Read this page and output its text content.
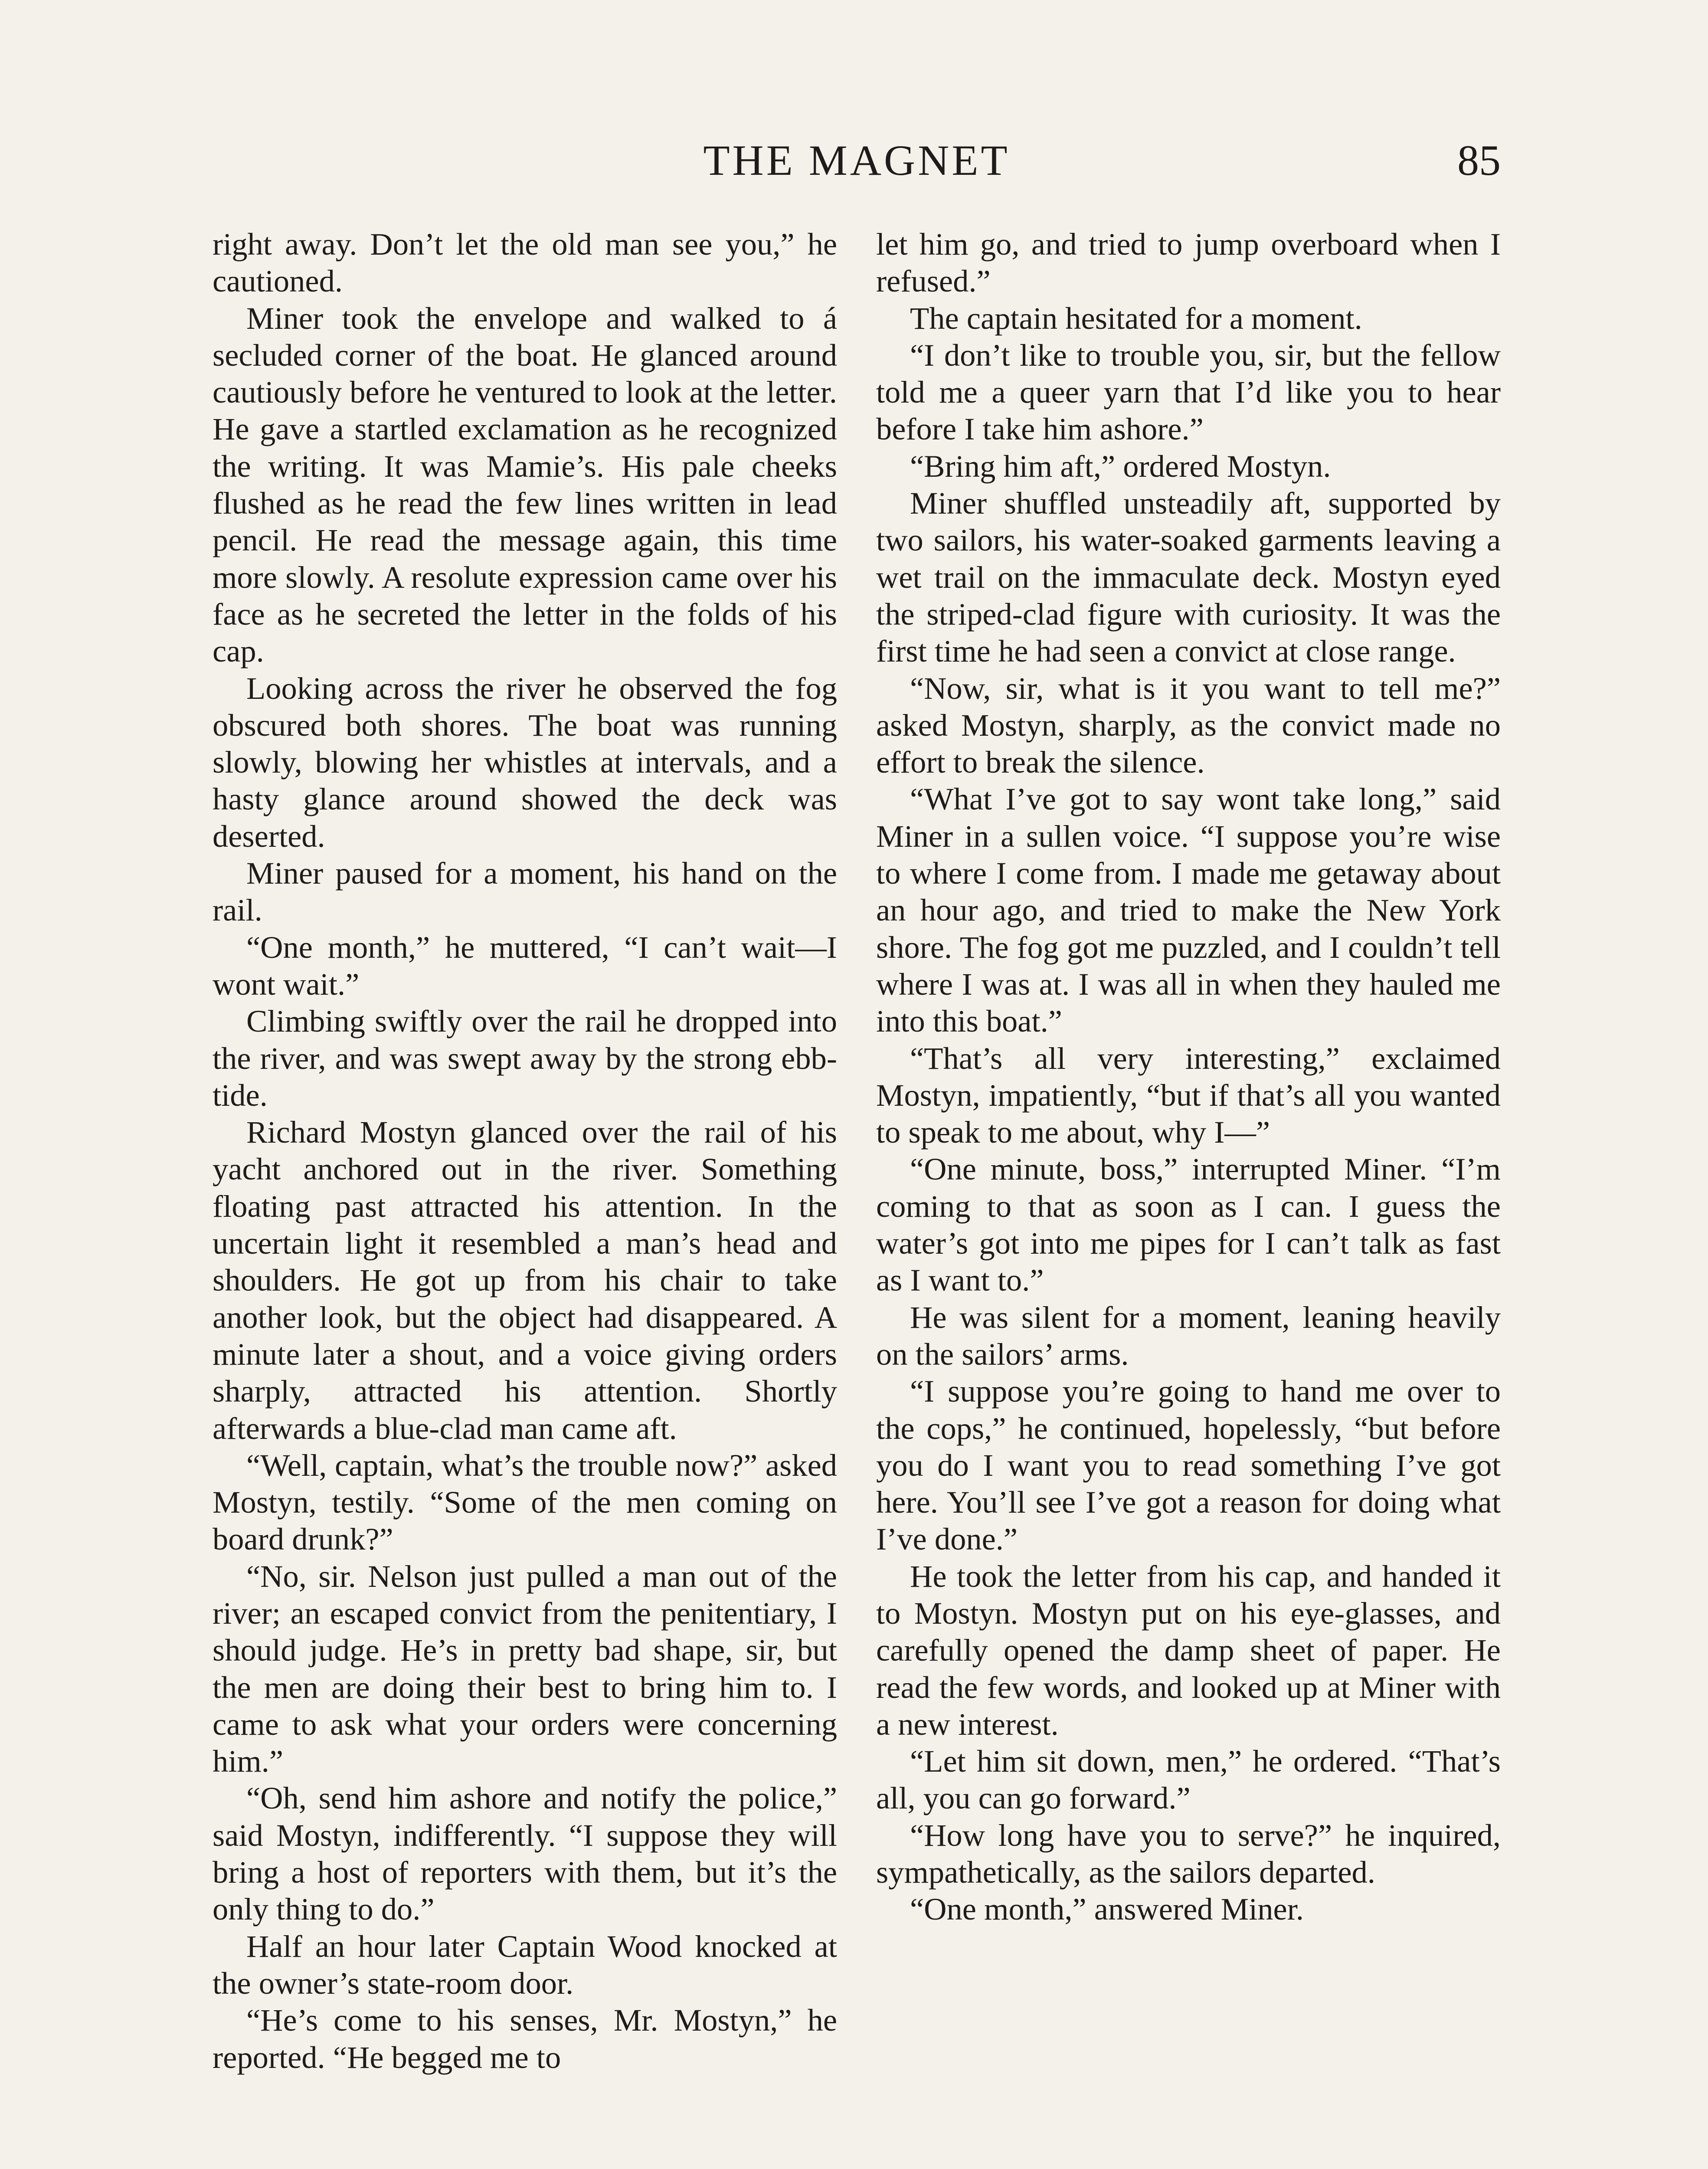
THE MAGNET	85

right away. Don’t let the old man see you,” he cautioned.

Miner took the envelope and walked to á secluded corner of the boat. He glanced around cautiously before he ventured to look at the letter. He gave a startled exclamation as he recognized the writing. It was Mamie’s. His pale cheeks flushed as he read the few lines written in lead pencil. He read the message again, this time more slowly. A resolute expression came over his face as he secreted the letter in the folds of his cap.

Looking across the river he observed the fog obscured both shores. The boat was running slowly, blowing her whistles at intervals, and a hasty glance around showed the deck was deserted.

Miner paused for a moment, his hand on the rail.

“One month,” he muttered, “I can’t wait—I wont wait.”

Climbing swiftly over the rail he dropped into the river, and was swept away by the strong ebb-tide.

Richard Mostyn glanced over the rail of his yacht anchored out in the river. Something floating past attracted his attention. In the uncertain light it resembled a man’s head and shoulders. He got up from his chair to take another look, but the object had disappeared. A minute later a shout, and a voice giving orders sharply, attracted his attention. Shortly afterwards a blue-clad man came aft.

“Well, captain, what’s the trouble now?” asked Mostyn, testily. “Some of the men coming on board drunk?”

“No, sir. Nelson just pulled a man out of the river; an escaped convict from the penitentiary, I should judge. He’s in pretty bad shape, sir, but the men are doing their best to bring him to. I came to ask what your orders were concerning him.”

“Oh, send him ashore and notify the police,” said Mostyn, indifferently. “I suppose they will bring a host of reporters with them, but it’s the only thing to do.”

Half an hour later Captain Wood knocked at the owner’s state-room door.

“He’s come to his senses, Mr. Mostyn,” he reported. “He begged me to

let him go, and tried to jump overboard when I refused.”

The captain hesitated for a moment.

“I don’t like to trouble you, sir, but the fellow told me a queer yarn that I’d like you to hear before I take him ashore.”

“Bring him aft,” ordered Mostyn.

Miner shuffled unsteadily aft, supported by two sailors, his water-soaked garments leaving a wet trail on the immaculate deck. Mostyn eyed the striped-clad figure with curiosity. It was the first time he had seen a convict at close range.

“Now, sir, what is it you want to tell me?” asked Mostyn, sharply, as the convict made no effort to break the silence.

“What I’ve got to say wont take long,” said Miner in a sullen voice. “I suppose you’re wise to where I come from. I made me getaway about an hour ago, and tried to make the New York shore. The fog got me puzzled, and I couldn’t tell where I was at. I was all in when they hauled me into this boat.”

“That’s all very interesting,” exclaimed Mostyn, impatiently, “but if that’s all you wanted to speak to me about, why I—”

“One minute, boss,” interrupted Miner. “I’m coming to that as soon as I can. I guess the water’s got into me pipes for I can’t talk as fast as I want to.”

He was silent for a moment, leaning heavily on the sailors’ arms.

“I suppose you’re going to hand me over to the cops,” he continued, hopelessly, “but before you do I want you to read something I’ve got here. You’ll see I’ve got a reason for doing what I’ve done.”

He took the letter from his cap, and handed it to Mostyn. Mostyn put on his eye-glasses, and carefully opened the damp sheet of paper. He read the few words, and looked up at Miner with a new interest.

“Let him sit down, men,” he ordered. “That’s all, you can go forward.”

“How long have you to serve?” he inquired, sympathetically, as the sailors departed.

“One month,” answered Miner.
